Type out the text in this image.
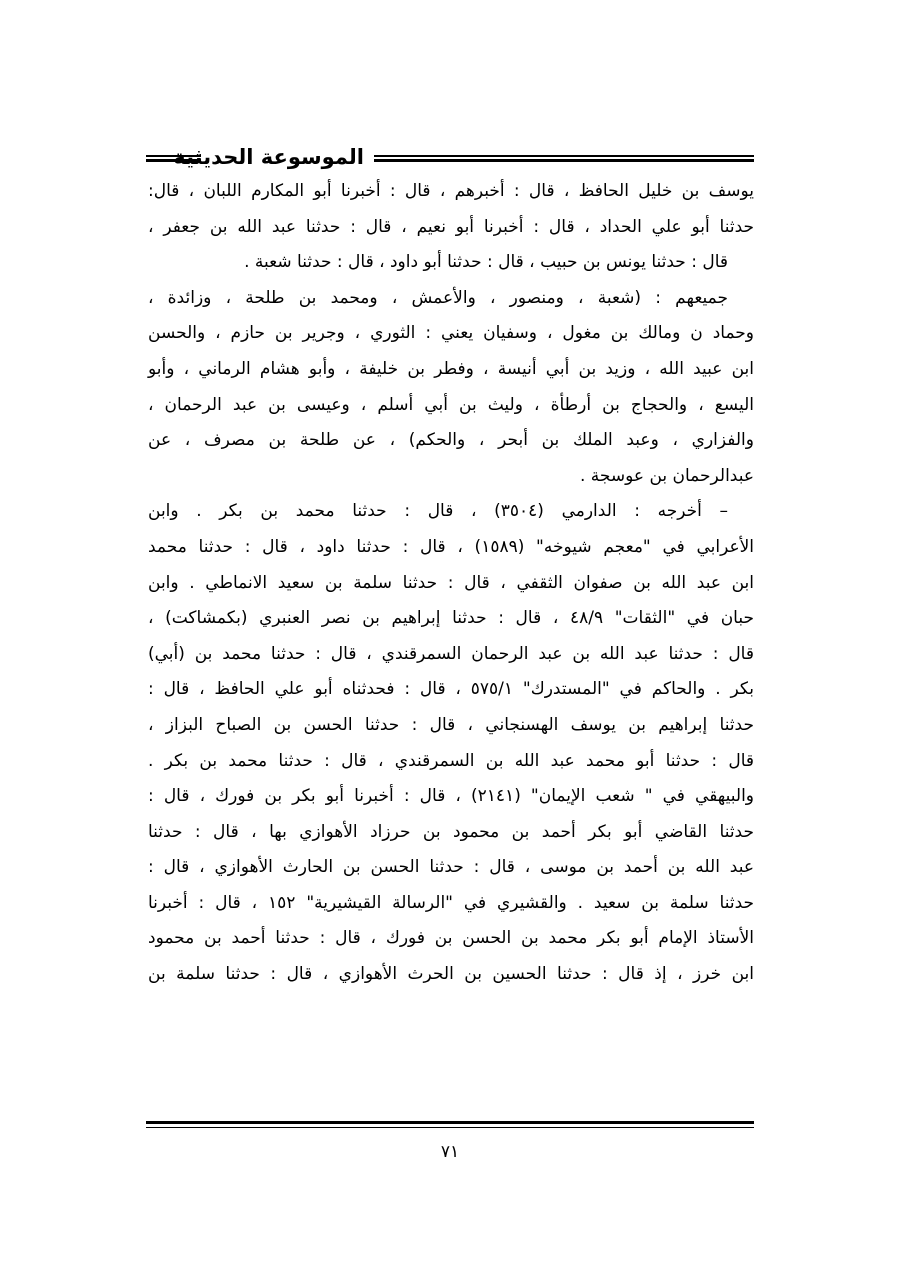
الموسوعة الحديثية
يوسف بن خليل الحافظ ، قال : أخبرهم ، قال : أخبرنا أبو المكارم اللبان ، قال:
حدثنا أبو علي الحداد ، قال : أخبرنا أبو نعيم ، قال : حدثنا عبد الله بن جعفر ،
قال : حدثنا يونس بن حبيب ، قال : حدثنا أبو داود ، قال : حدثنا شعبة .
جميعهم : (شعبة ، ومنصور ، والأعمش ، ومحمد بن طلحة ، وزائدة ،
وحماد ن ومالك بن مغول ، وسفيان يعني : الثوري ، وجرير بن حازم ، والحسن
ابن عبيد الله ، وزيد بن أبي أنيسة ، وفطر بن خليفة ، وأبو هشام الرماني ، وأبو
اليسع ، والحجاج بن أرطأة ، وليث بن أبي أسلم ، وعيسى بن عبد الرحمان ،
والفزاري ، وعبد الملك بن أبحر ، والحكم) ، عن طلحة بن مصرف ، عن
عبدالرحمان بن عوسجة .
– أخرجه : الدارمي (٣٥٠٤) ، قال : حدثنا محمد بن بكر . وابن
الأعرابي في "معجم شيوخه" (١٥٨٩) ، قال : حدثنا داود ، قال : حدثنا محمد
ابن عبد الله بن صفوان الثقفي ، قال : حدثنا سلمة بن سعيد الانماطي . وابن
حبان في "الثقات" ٤٨/٩ ، قال : حدثنا إبراهيم بن نصر العنبري (بكمشاكت) ،
قال : حدثنا عبد الله بن عبد الرحمان السمرقندي ، قال : حدثنا محمد بن (أبي)
بكر . والحاكم في "المستدرك" ٥٧٥/١ ، قال : فحدثناه أبو علي الحافظ ، قال :
حدثنا إبراهيم بن يوسف الهسنجاني ، قال : حدثنا الحسن بن الصباح البزاز ،
قال : حدثنا أبو محمد عبد الله بن السمرقندي ، قال : حدثنا محمد بن بكر .
والبيهقي في " شعب الإيمان" (٢١٤١) ، قال : أخبرنا أبو بكر بن فورك ، قال :
حدثنا القاضي أبو بكر أحمد بن محمود بن حرزاد الأهوازي بها ، قال : حدثنا
عبد الله بن أحمد بن موسى ، قال : حدثنا الحسن بن الحارث الأهوازي ، قال :
حدثنا سلمة بن سعيد . والقشيري في "الرسالة القيشيرية" ١٥٢ ، قال : أخبرنا
الأستاذ الإمام أبو بكر محمد بن الحسن بن فورك ، قال : حدثنا أحمد بن محمود
ابن خرز ، إذ قال : حدثنا الحسين بن الحرث الأهوازي ، قال : حدثنا سلمة بن
٧١
